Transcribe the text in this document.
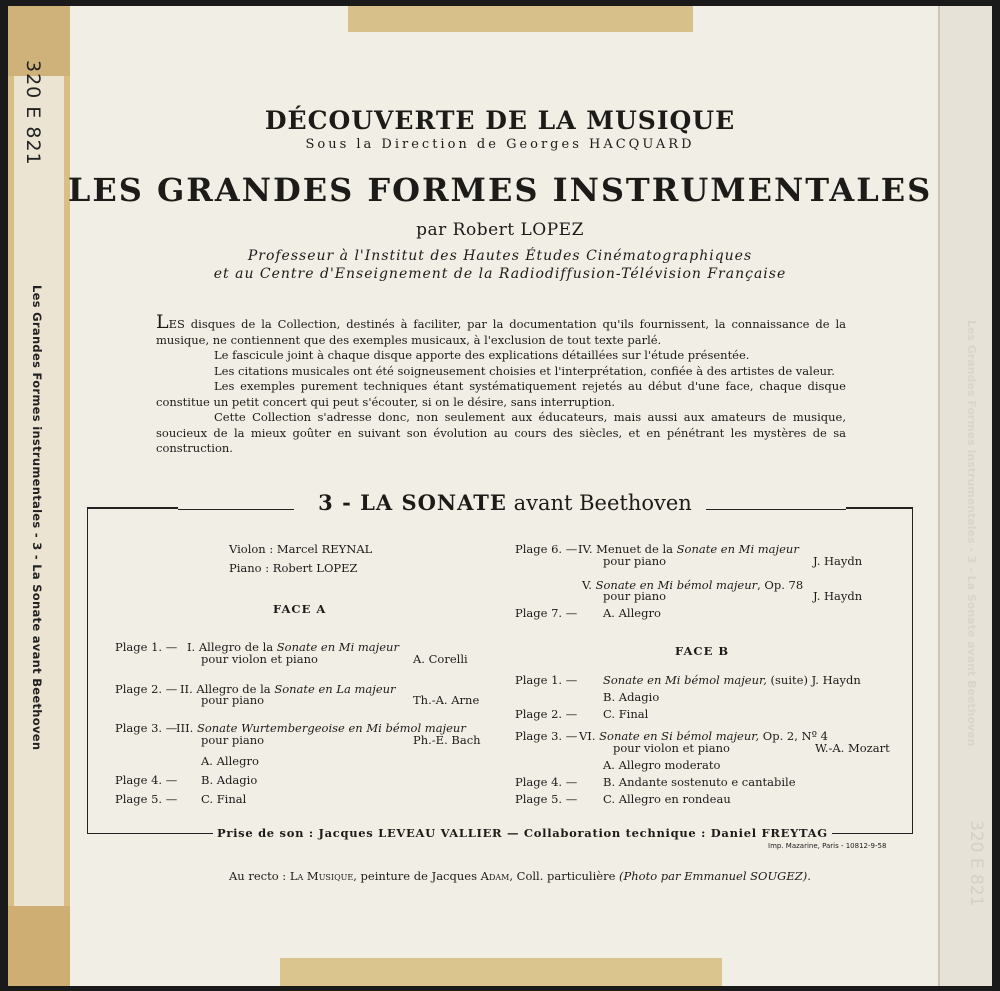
320 E 821
Les Grandes Formes instrumentales - 3 - La Sonate avant Beethoven	Les Grandes Formes instrumentales - 3 - La Sonate avant Beethoven
320 E 821
DÉCOUVERTE DE LA MUSIQUE
Sous la Direction de Georges HACQUARD
LES GRANDES FORMES INSTRUMENTALES
par Robert LOPEZ
Professeur à l'Institut des Hautes Études Cinématographiques
et au Centre d'Enseignement de la Radiodiffusion-Télévision Française

LES disques de la Collection, destinés à faciliter, par la documentation qu'ils fournissent, la connaissance de la musique, ne contiennent que des exemples musicaux, à l'exclusion de tout texte parlé.

Le fascicule joint à chaque disque apporte des explications détaillées sur l'étude présentée.

Les citations musicales ont été soigneusement choisies et l'interprétation, confiée à des artistes de valeur.

Les exemples purement techniques étant systématiquement rejetés au début d'une face, chaque disque constitue un petit concert qui peut s'écouter, si on le désire, sans interruption.

Cette Collection s'adresse donc, non seulement aux éducateurs, mais aussi aux amateurs de musique, soucieux de la mieux goûter en suivant son évolution au cours des siècles, et en pénétrant les mystères de sa construction.

3 - LA SONATE avant Beethoven
Violon : Marcel REYNAL
Piano : Robert LOPEZ
FACE A
Plage 1. — I. Allegro de la Sonate en Mi majeur
pour violon et piano	A. Corelli
Plage 2. — II. Allegro de la Sonate en La majeur
pour piano	Th.-A. Arne
Plage 3. —
III. Sonate Wurtembergeoise en Mi bémol majeur
pour piano	Ph.-E. Bach
A. Allegro
Plage 4. — B. Adagio
Plage 5. — C. Final
Plage 6. — IV. Menuet de la Sonate en Mi majeur
pour piano	J. Haydn
V. Sonate en Mi bémol majeur, Op. 78
pour piano	J. Haydn
Plage 7. — A. Allegro
FACE B
Plage 1. — Sonate en Mi bémol majeur, (suite) J. Haydn
B. Adagio
Plage 2. — C. Final
Plage 3. — VI. Sonate en Si bémol majeur, Op. 2, Nº 4
pour violon et piano	W.-A. Mozart
A. Allegro moderato
Plage 4. — B. Andante sostenuto e cantabile
Plage 5. — C. Allegro en rondeau
Prise de son : Jacques LEVEAU VALLIER — Collaboration technique : Daniel FREYTAG
Imp. Mazarine, Paris - 10812-9-58
Au recto : La Musique, peinture de Jacques Adam, Coll. particulière (Photo par Emmanuel SOUGEZ).
